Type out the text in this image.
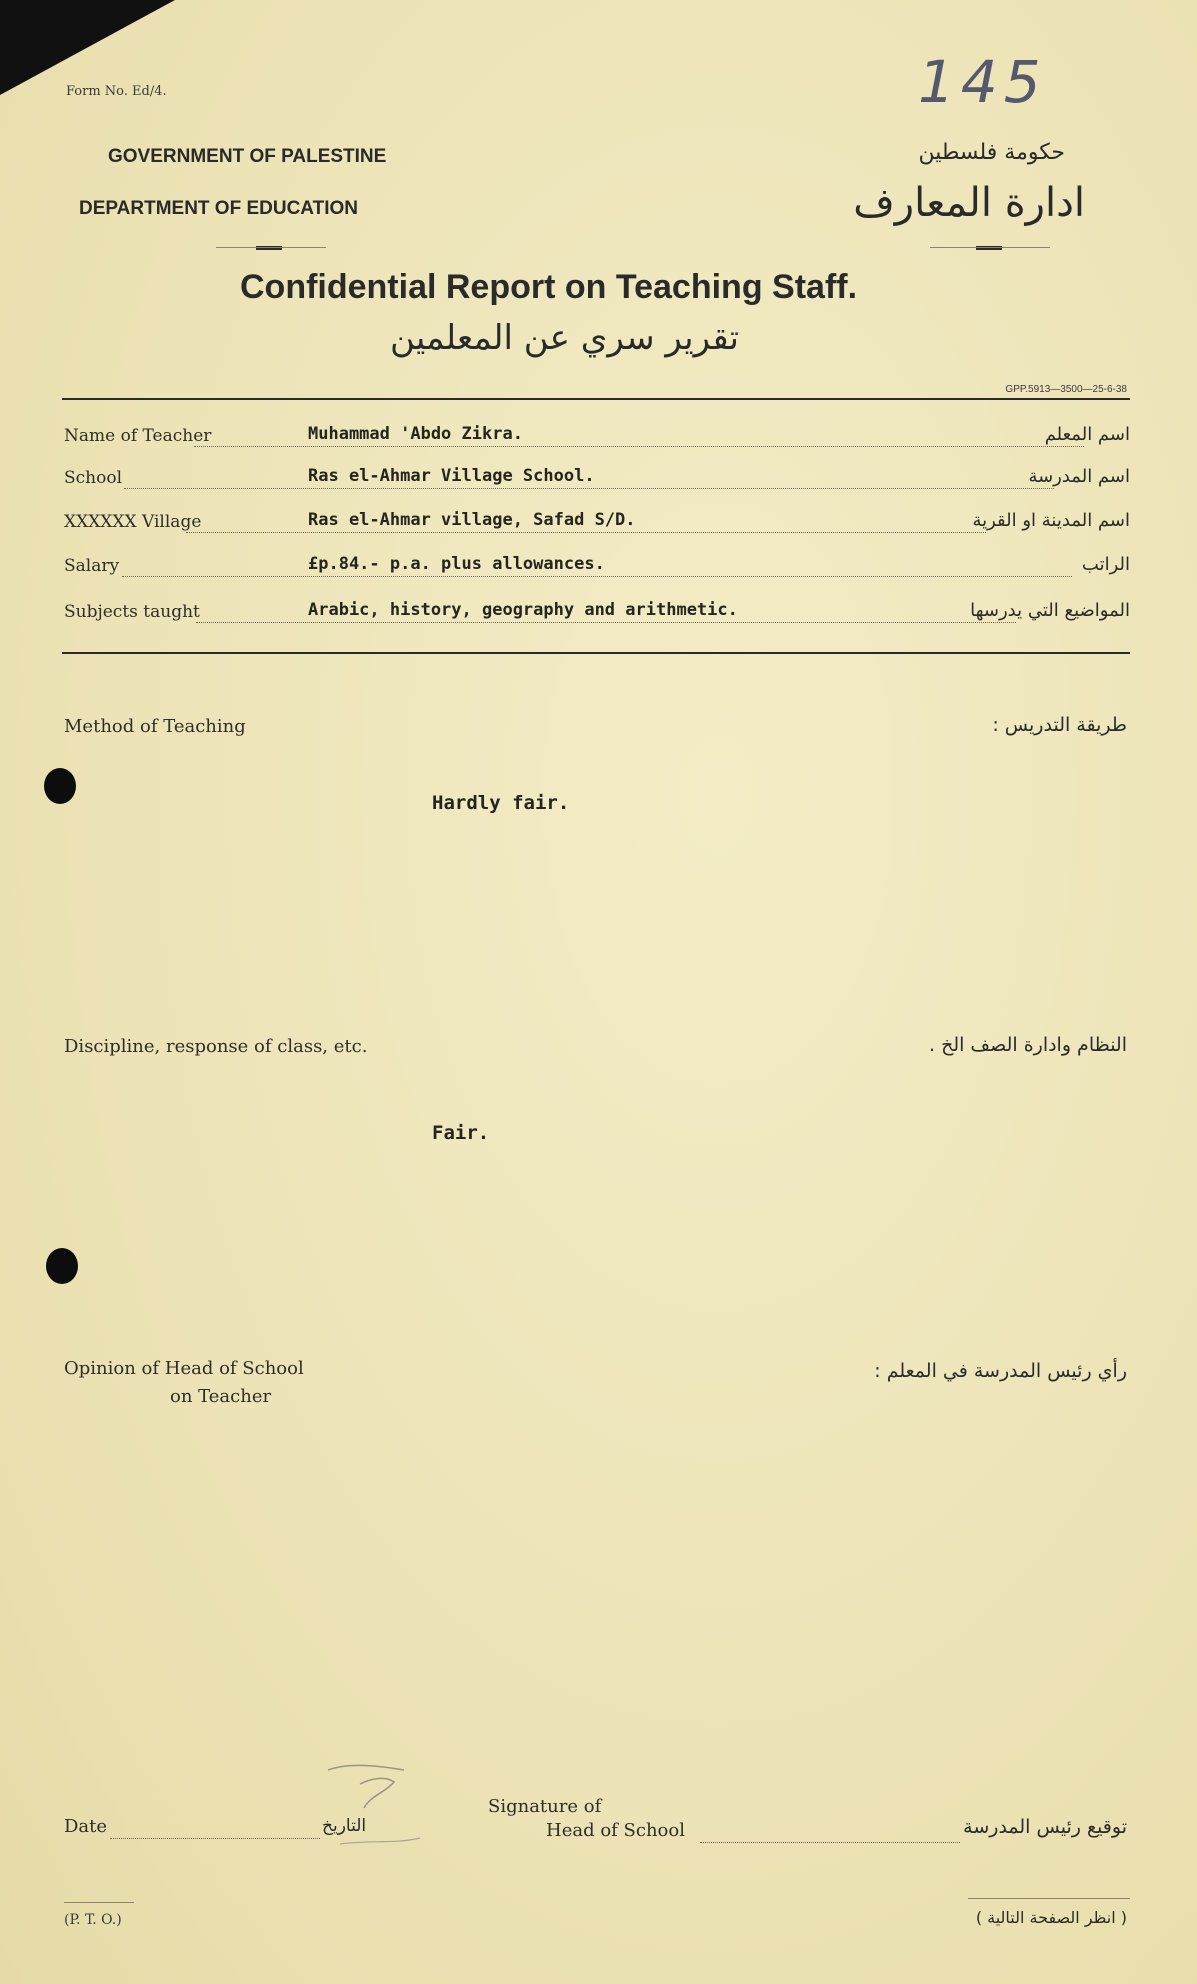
Form No. Ed/4.	145
GOVERNMENT OF PALESTINE
DEPARTMENT OF EDUCATION
حكومة فلسطين
ادارة المعارف
Confidential Report on Teaching Staff.
تقرير سري عن المعلمين
GPP.5913—3500—25-6-38
Name of Teacher	Muhammad 'Abdo Zikra.	اسم المعلم
School	Ras el-Ahmar Village School.	اسم المدرسة
XXXXXX Village	Ras el-Ahmar village, Safad S/D.	اسم المدينة او القرية
Salary	£p.84.- p.a. plus allowances.	الراتب
Subjects taught	Arabic, history, geography and arithmetic.	المواضيع التي يدرسها
Method of Teaching	طريقة التدريس :
Hardly fair.
Discipline, response of class, etc.	النظام وادارة الصف الخ .
Fair.
Opinion of Head of School
on Teacher
رأي رئيس المدرسة في المعلم :
Date	التاريخ
Signature of
Head of School	توقيع رئيس المدرسة
(P. T. O.)	( انظر الصفحة التالية )
